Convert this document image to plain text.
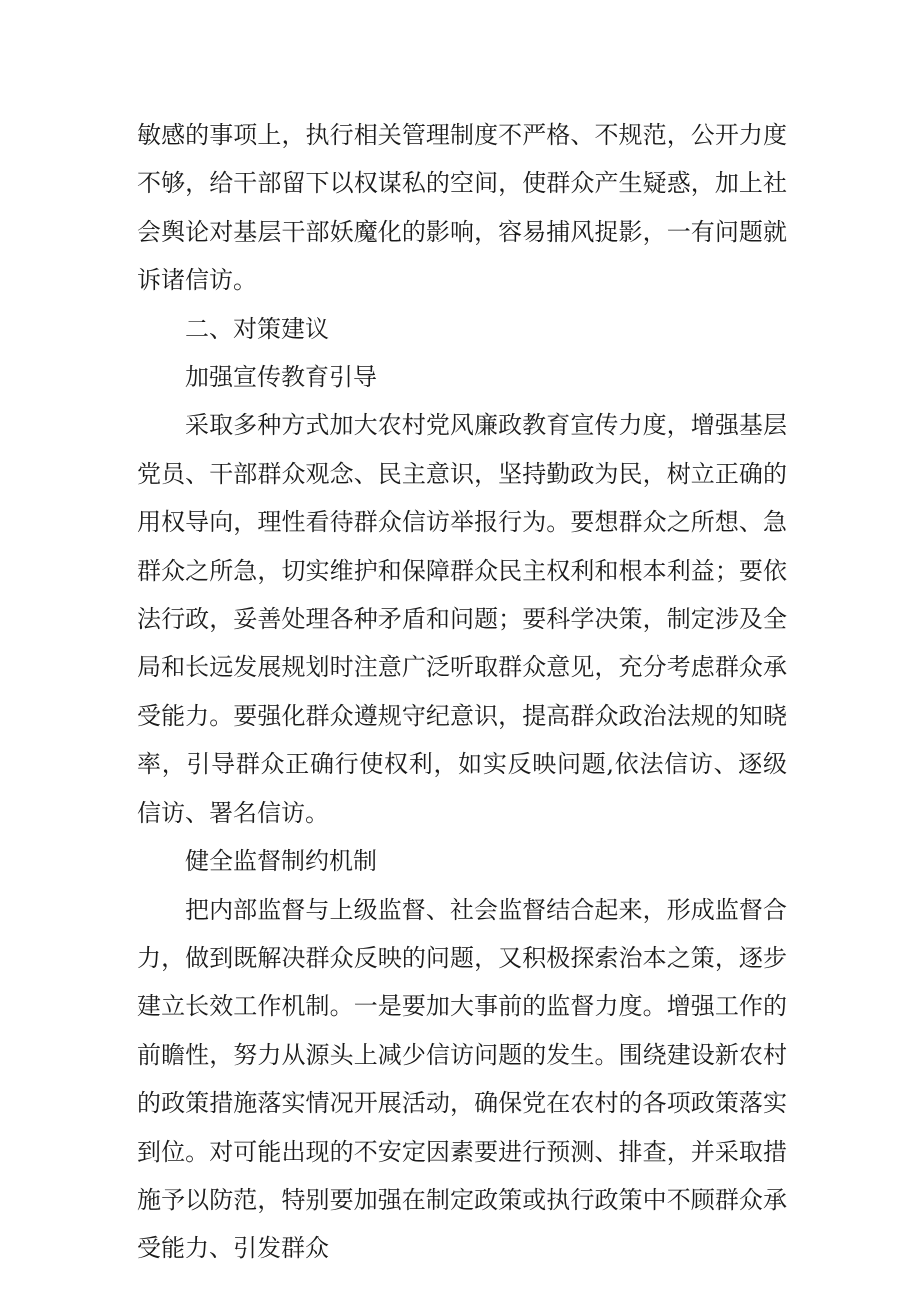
敏感的事项上，执行相关管理制度不严格、不规范，公开力度不够，给干部留下以权谋私的空间，使群众产生疑惑，加上社会舆论对基层干部妖魔化的影响，容易捕风捉影，一有问题就诉诸信访。

二、对策建议

加强宣传教育引导

采取多种方式加大农村党风廉政教育宣传力度，增强基层党员、干部群众观念、民主意识，坚持勤政为民，树立正确的用权导向，理性看待群众信访举报行为。要想群众之所想、急群众之所急，切实维护和保障群众民主权利和根本利益；要依法行政，妥善处理各种矛盾和问题；要科学决策，制定涉及全局和长远发展规划时注意广泛听取群众意见，充分考虑群众承受能力。要强化群众遵规守纪意识，提高群众政治法规的知晓率，引导群众正确行使权利，如实反映问题,依法信访、逐级信访、署名信访。

健全监督制约机制

把内部监督与上级监督、社会监督结合起来，形成监督合力，做到既解决群众反映的问题，又积极探索治本之策，逐步建立长效工作机制。一是要加大事前的监督力度。增强工作的前瞻性，努力从源头上减少信访问题的发生。围绕建设新农村的政策措施落实情况开展活动，确保党在农村的各项政策落实到位。对可能出现的不安定因素要进行预测、排查，并采取措施予以防范，特别要加强在制定政策或执行政策中不顾群众承受能力、引发群众
